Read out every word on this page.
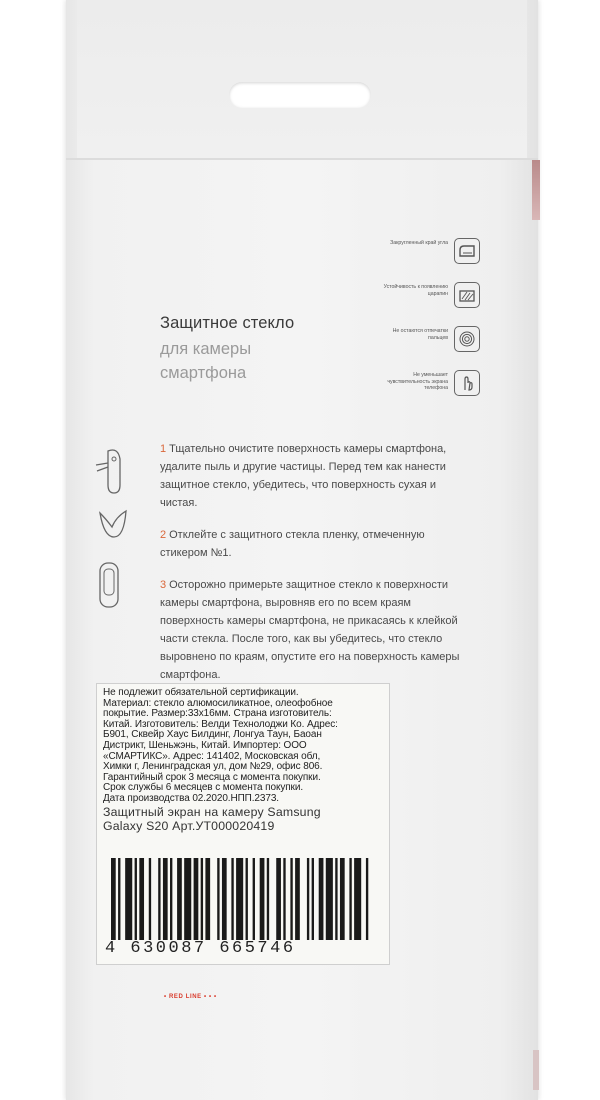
Защитное стекло
для камеры смартфона
Закругленный край угла
Устойчивость к появлению царапин
Не остаются отпечатки пальцев
Не уменьшает чувствительность экрана телефона
1 Тщательно очистите поверхность камеры смартфона, удалите пыль и другие частицы. Перед тем как нанести защитное стекло, убедитесь, что поверхность сухая и чистая.
2 Отклейте с защитного стекла пленку, отмеченную стикером №1.
3 Осторожно примерьте защитное стекло к поверхности камеры смартфона, выровняв его по всем краям поверхность камеры смартфона, не прикасаясь к клейкой части стекла. После того, как вы убедитесь, что стекло выровнено по краям, опустите его на поверхность камеры смартфона.
Не подлежит обязательной сертификации.
Материал: стекло алюмосиликатное, олеофобное
покрытие. Размер:33х16мм. Страна изготовитель:
Китай. Изготовитель: Велди Технолоджи Ко. Адрес:
Б901, Сквейр Хаус Билдинг, Лонгуа Таун, Баоан
Дистрикт, Шеньжэнь, Китай. Импортер: ООО
«СМАРТИКС». Адрес: 141402, Московская обл,
Химки г, Ленинградская ул, дом №29, офис 806.
Гарантийный срок 3 месяца с момента покупки.
Срок службы 6 месяцев с момента покупки.
Дата производства 02.2020.НПП.2373.
Защитный экран на камеру Samsung
Galaxy S20 Арт.УТ000020419
4 630087 665746
• RED LINE • • •
